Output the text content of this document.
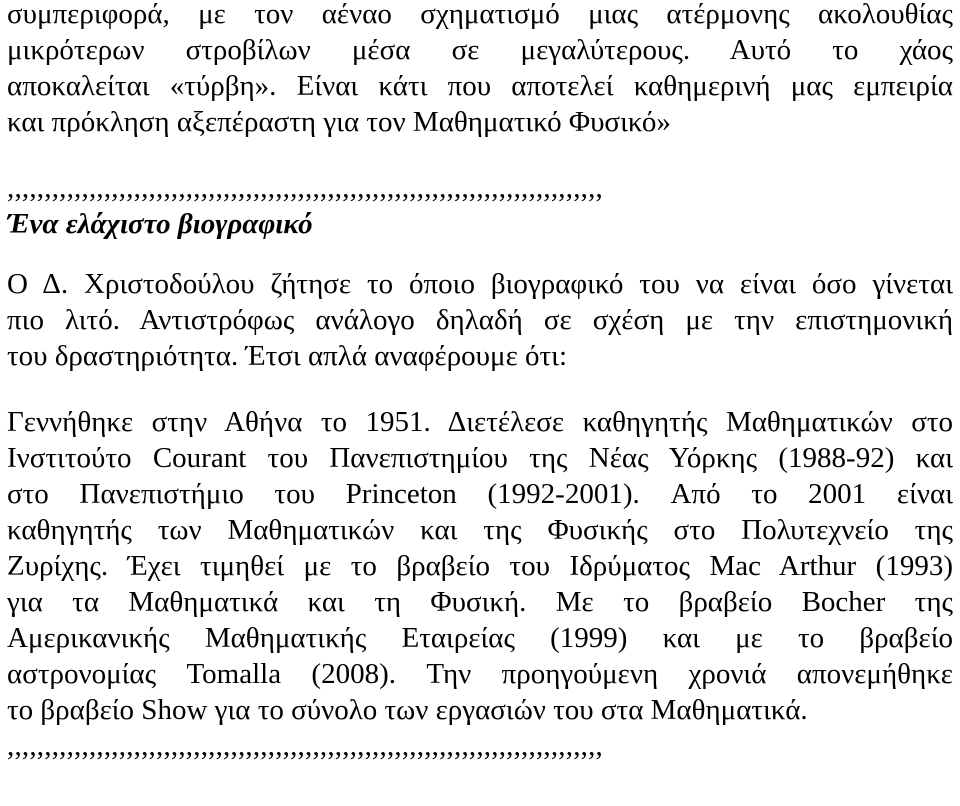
συμπεριφορά, με τον αέναο σχηματισμό μιας ατέρμονης ακολουθίας

μικρότερων στροβίλων μέσα σε μεγαλύτερους. Αυτό το χάος

αποκαλείται «τύρβη». Είναι κάτι που αποτελεί καθημερινή μας εμπειρία

και πρόκληση αξεπέραστη για τον Μαθηματικό Φυσικό»

,,,,,,,,,,,,,,,,,,,,,,,,,,,,,,,,,,,,,,,,,,,,,,,,,,,,,,,,,,,,,,,,,,,,,,,,,,,,,,,,
Ένα ελάχιστο βιογραφικό

Ο Δ. Χριστοδούλου ζήτησε το όποιο βιογραφικό του να είναι όσο γίνεται

πιο λιτό. Αντιστρόφως ανάλογο δηλαδή σε σχέση με την επιστημονική

του δραστηριότητα. Έτσι απλά αναφέρουμε ότι:

Γεννήθηκε στην Αθήνα το 1951. Διετέλεσε καθηγητής Μαθηματικών στο

Ινστιτούτο Courant του Πανεπιστημίου της Νέας Υόρκης (1988-92) και

στο Πανεπιστήμιο του Princeton (1992-2001). Από το 2001 είναι

καθηγητής των Μαθηματικών και της Φυσικής στο Πολυτεχνείο της

Ζυρίχης. Έχει τιμηθεί με το βραβείο του Ιδρύματος Mac Arthur (1993)

για τα Μαθηματικά και τη Φυσική. Με το βραβείο Bocher της

Αμερικανικής Μαθηματικής Εταιρείας (1999) και με το βραβείο

αστρονομίας Tomalla (2008). Την προηγούμενη χρονιά απονεμήθηκε

το βραβείο Show για το σύνολο των εργασιών του στα Μαθηματικά.

,,,,,,,,,,,,,,,,,,,,,,,,,,,,,,,,,,,,,,,,,,,,,,,,,,,,,,,,,,,,,,,,,,,,,,,,,,,,,,,,
